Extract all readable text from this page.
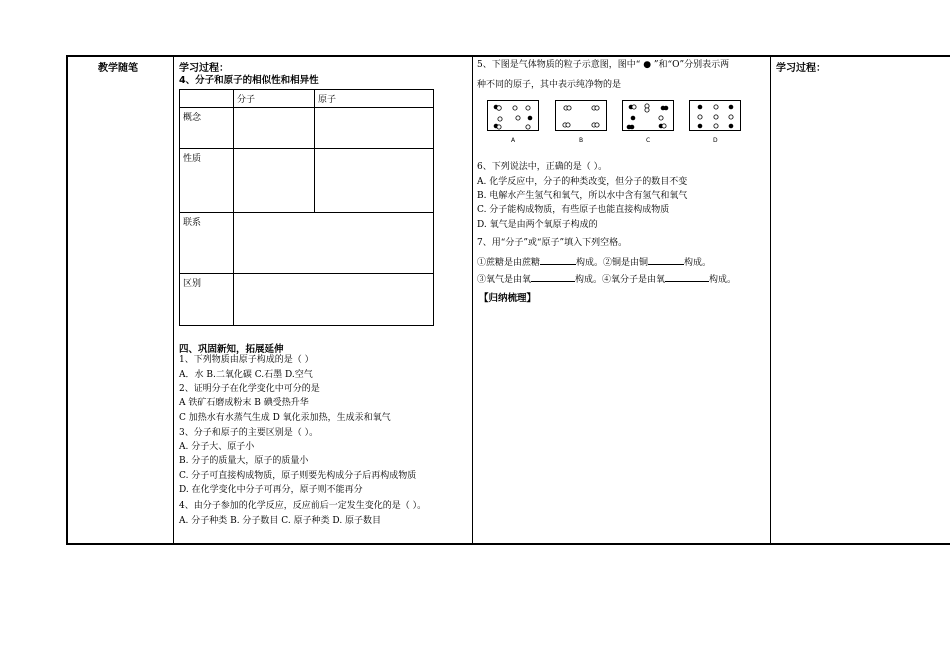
教学随笔	学习过程：
4、分子和原子的相似性和相异性
	分子	原子
概念		
性质		
联系		
区别		
四、巩固新知，拓展延伸
1、下列物质由原子构成的是（ ）
A．水 B.二氧化碳 C.石墨 D.空气
2、证明分子在化学变化中可分的是
A 铁矿石磨成粉末 B 碘受热升华
C 加热水有水蒸气生成 D 氧化汞加热，生成汞和氧气
3、分子和原子的主要区别是（ ）。
A. 分子大、原子小
B. 分子的质量大，原子的质量小
C. 分子可直接构成物质，原子则要先构成分子后再构成物质
D. 在化学变化中分子可再分，原子则不能再分
4、由分子参加的化学反应，反应前后一定发生变化的是（ ）。
A. 分子种类 B. 分子数目 C. 原子种类 D. 原子数目
5、下图是气体物质的粒子示意图，图中“ ● ”和“O”分别表示两
种不同的原子，其中表示纯净物的是
A	B	C	D
6、下列说法中，正确的是（ ）。
A. 化学反应中，分子的种类改变，但分子的数目不变
B. 电解水产生氢气和氧气，所以水中含有氢气和氧气
C. 分子能构成物质，有些原子也能直接构成物质
D. 氧气是由两个氧原子构成的
7、用“分子”或“原子”填入下列空格。
①蔗糖是由蔗糖	构成。②铜是由铜	构成。
③氧气是由氧	构成。④氧分子是由氧	构成。
【归纳梳理】
学习过程：
